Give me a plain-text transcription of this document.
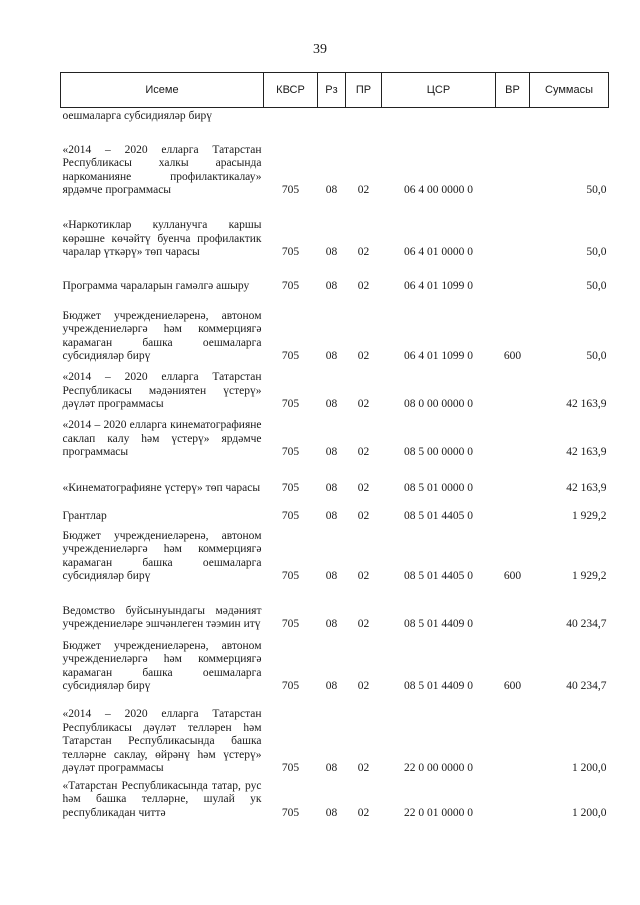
39
Исеме	КВСР	Рз	ПР	ЦСР	ВР	Суммасы
оешмаларга субсидияләр бирү						
«2014 – 2020 елларга Татарстан Республикасы халкы арасында наркоманияне профилактикалау» ярдәмче программасы	705	08	02	06 4 00 0000 0		50,0
«Наркотиклар кулланучга каршы көрәшне көчәйтү буенча профилактик чаралар үткәрү» төп чарасы	705	08	02	06 4 01 0000 0		50,0
Программа чараларын гамәлгә ашыру	705	08	02	06 4 01 1099 0		50,0
Бюджет учреждениеләренә, автоном учреждениеләргә һәм коммерциягә карамаган башка оешмаларга субсидияләр бирү	705	08	02	06 4 01 1099 0	600	50,0
«2014 – 2020 елларга Татарстан Республикасы мәдәниятен үстерү» дәүләт программасы	705	08	02	08 0 00 0000 0		42 163,9
«2014 – 2020 елларга кинематографияне саклап калу һәм үстерү» ярдәмче программасы	705	08	02	08 5 00 0000 0		42 163,9
«Кинематографияне үстерү» төп чарасы	705	08	02	08 5 01 0000 0		42 163,9
Грантлар	705	08	02	08 5 01 4405 0		1 929,2
Бюджет учреждениеләренә, автоном учреждениеләргә һәм коммерциягә карамаган башка оешмаларга субсидияләр бирү	705	08	02	08 5 01 4405 0	600	1 929,2
Ведомство буйсынуындагы мәдәният учреждениеләре эшчәнлеген тәэмин итү	705	08	02	08 5 01 4409 0		40 234,7
Бюджет учреждениеләренә, автоном учреждениеләргә һәм коммерциягә карамаган башка оешмаларга субсидияләр бирү	705	08	02	08 5 01 4409 0	600	40 234,7
«2014 – 2020 елларга Татарстан Республикасы дәүләт телләрен һәм Татарстан Республикасында башка телләрне саклау, өйрәнү һәм үстерү» дәүләт программасы	705	08	02	22 0 00 0000 0		1 200,0
«Татарстан Республикасында татар, рус һәм башка телләрне, шулай ук республикадан читтә	705	08	02	22 0 01 0000 0		1 200,0
